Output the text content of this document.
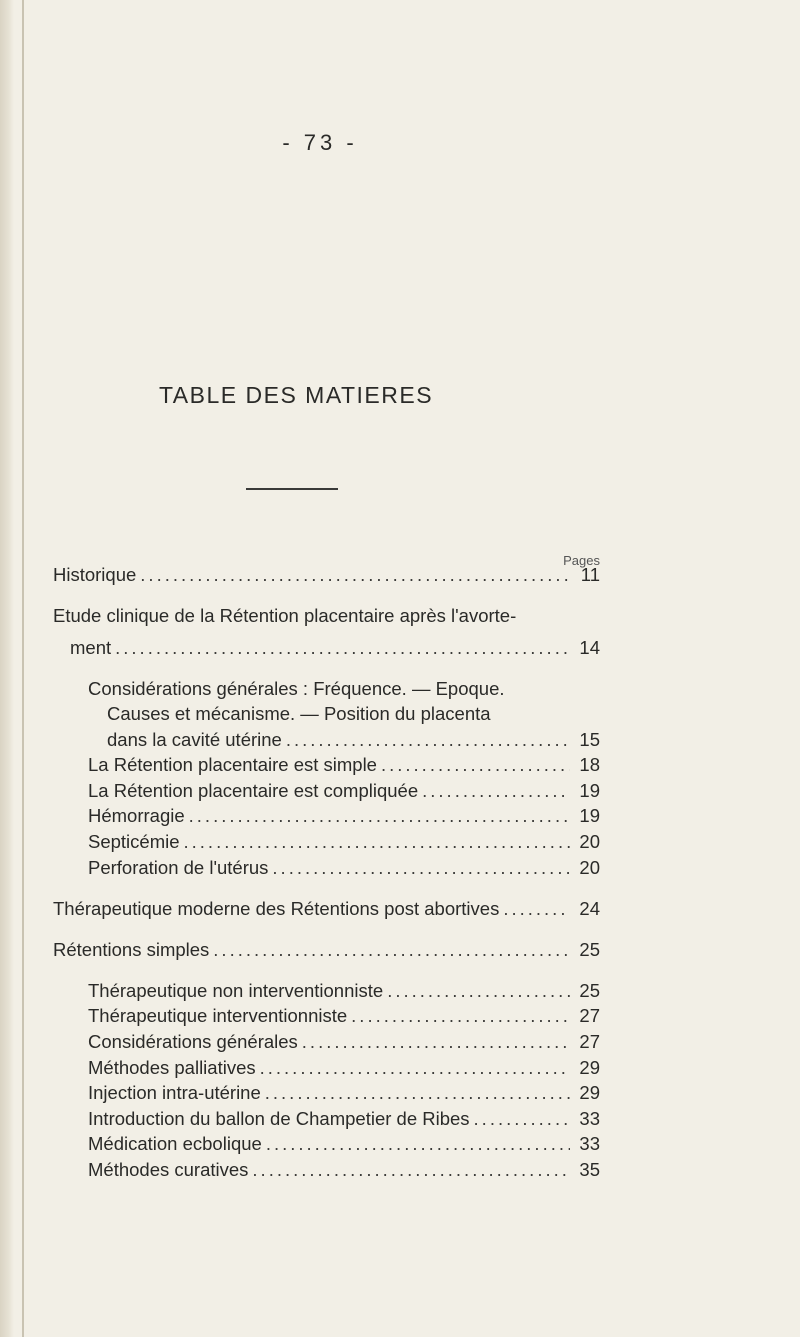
- 73 -
TABLE DES MATIERES
Pages
Historique .....	11
Etude clinique de la Rétention placentaire après l'avorte-
ment .....	14
Considérations générales : Fréquence. — Epoque.
Causes et mécanisme. — Position du placenta
dans la cavité utérine .....	15
La Rétention placentaire est simple .....	18
La Rétention placentaire est compliquée .....	19
Hémorragie .....	19
Septicémie .....	20
Perforation de l'utérus .....	20
Thérapeutique moderne des Rétentions post abortives .....	24
Rétentions simples .....	25
Thérapeutique non interventionniste .....	25
Thérapeutique interventionniste .....	27
Considérations générales .....	27
Méthodes palliatives .....	29
Injection intra-utérine .....	29
Introduction du ballon de Champetier de Ribes .....	33
Médication ecbolique .....	33
Méthodes curatives .....	35
